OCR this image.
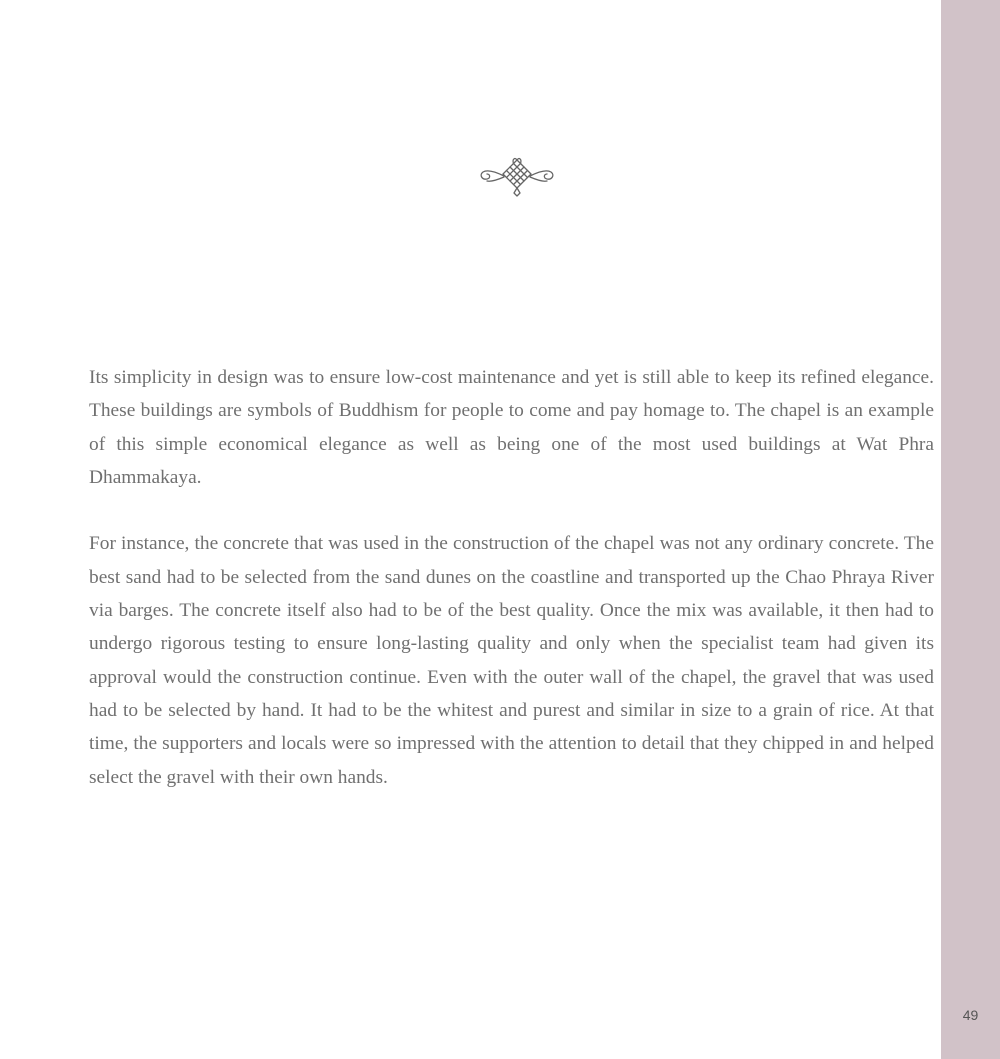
Its simplicity in design was to ensure low-cost maintenance and yet is still able to keep its refined elegance. These buildings are symbols of Buddhism for people to come and pay homage to. The chapel is an example of this simple economical elegance as well as being one of the most used buildings at Wat Phra Dhammakaya.

For instance, the concrete that was used in the construction of the chapel was not any ordinary concrete. The best sand had to be selected from the sand dunes on the coastline and transported up the Chao Phraya River via barges. The concrete itself also had to be of the best quality. Once the mix was available, it then had to undergo rigorous testing to ensure long-lasting quality and only when the specialist team had given its approval would the construction continue. Even with the outer wall of the chapel, the gravel that was used had to be selected by hand. It had to be the whitest and purest and similar in size to a grain of rice. At that time, the supporters and locals were so impressed with the attention to detail that they chipped in and helped select the gravel with their own hands.

49
